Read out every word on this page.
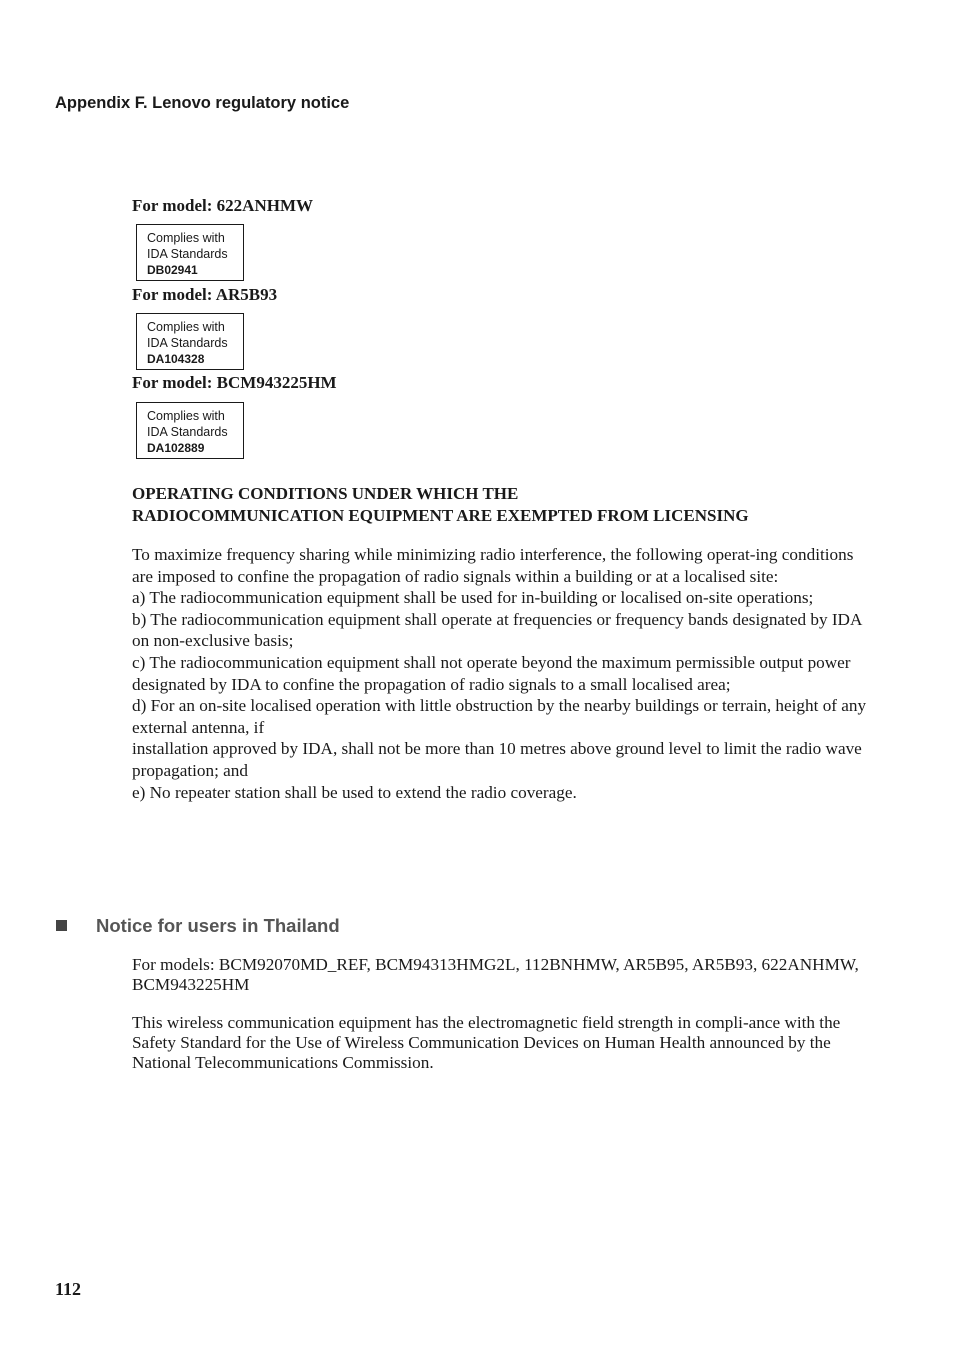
Appendix F. Lenovo regulatory notice
For model: 622ANHMW
Complies with
IDA Standards
DB02941
For model: AR5B93
Complies with
IDA Standards
DA104328
For model: BCM943225HM
Complies with
IDA Standards
DA102889
OPERATING CONDITIONS UNDER WHICH THE
RADIOCOMMUNICATION EQUIPMENT ARE EXEMPTED FROM LICENSING

To maximize frequency sharing while minimizing radio interference, the following operat-ing conditions are imposed to confine the propagation of radio signals within a building or at a localised site:

a) The radiocommunication equipment shall be used for in-building or localised on-site operations;

b) The radiocommunication equipment shall operate at frequencies or frequency bands designated by IDA on non-exclusive basis;

c) The radiocommunication equipment shall not operate beyond the maximum permissible output power designated by IDA to confine the propagation of radio signals to a small localised area;

d) For an on-site localised operation with little obstruction by the nearby buildings or terrain, height of any external antenna, if

installation approved by IDA, shall not be more than 10 metres above ground level to limit the radio wave propagation; and

e) No repeater station shall be used to extend the radio coverage.

Notice for users in Thailand
For models: BCM92070MD_REF, BCM94313HMG2L, 112BNHMW, AR5B95, AR5B93, 622ANHMW, BCM943225HM
This wireless communication equipment has the electromagnetic field strength in compli-ance with the Safety Standard for the Use of Wireless Communication Devices on Human Health announced by the National Telecommunications Commission.
112
